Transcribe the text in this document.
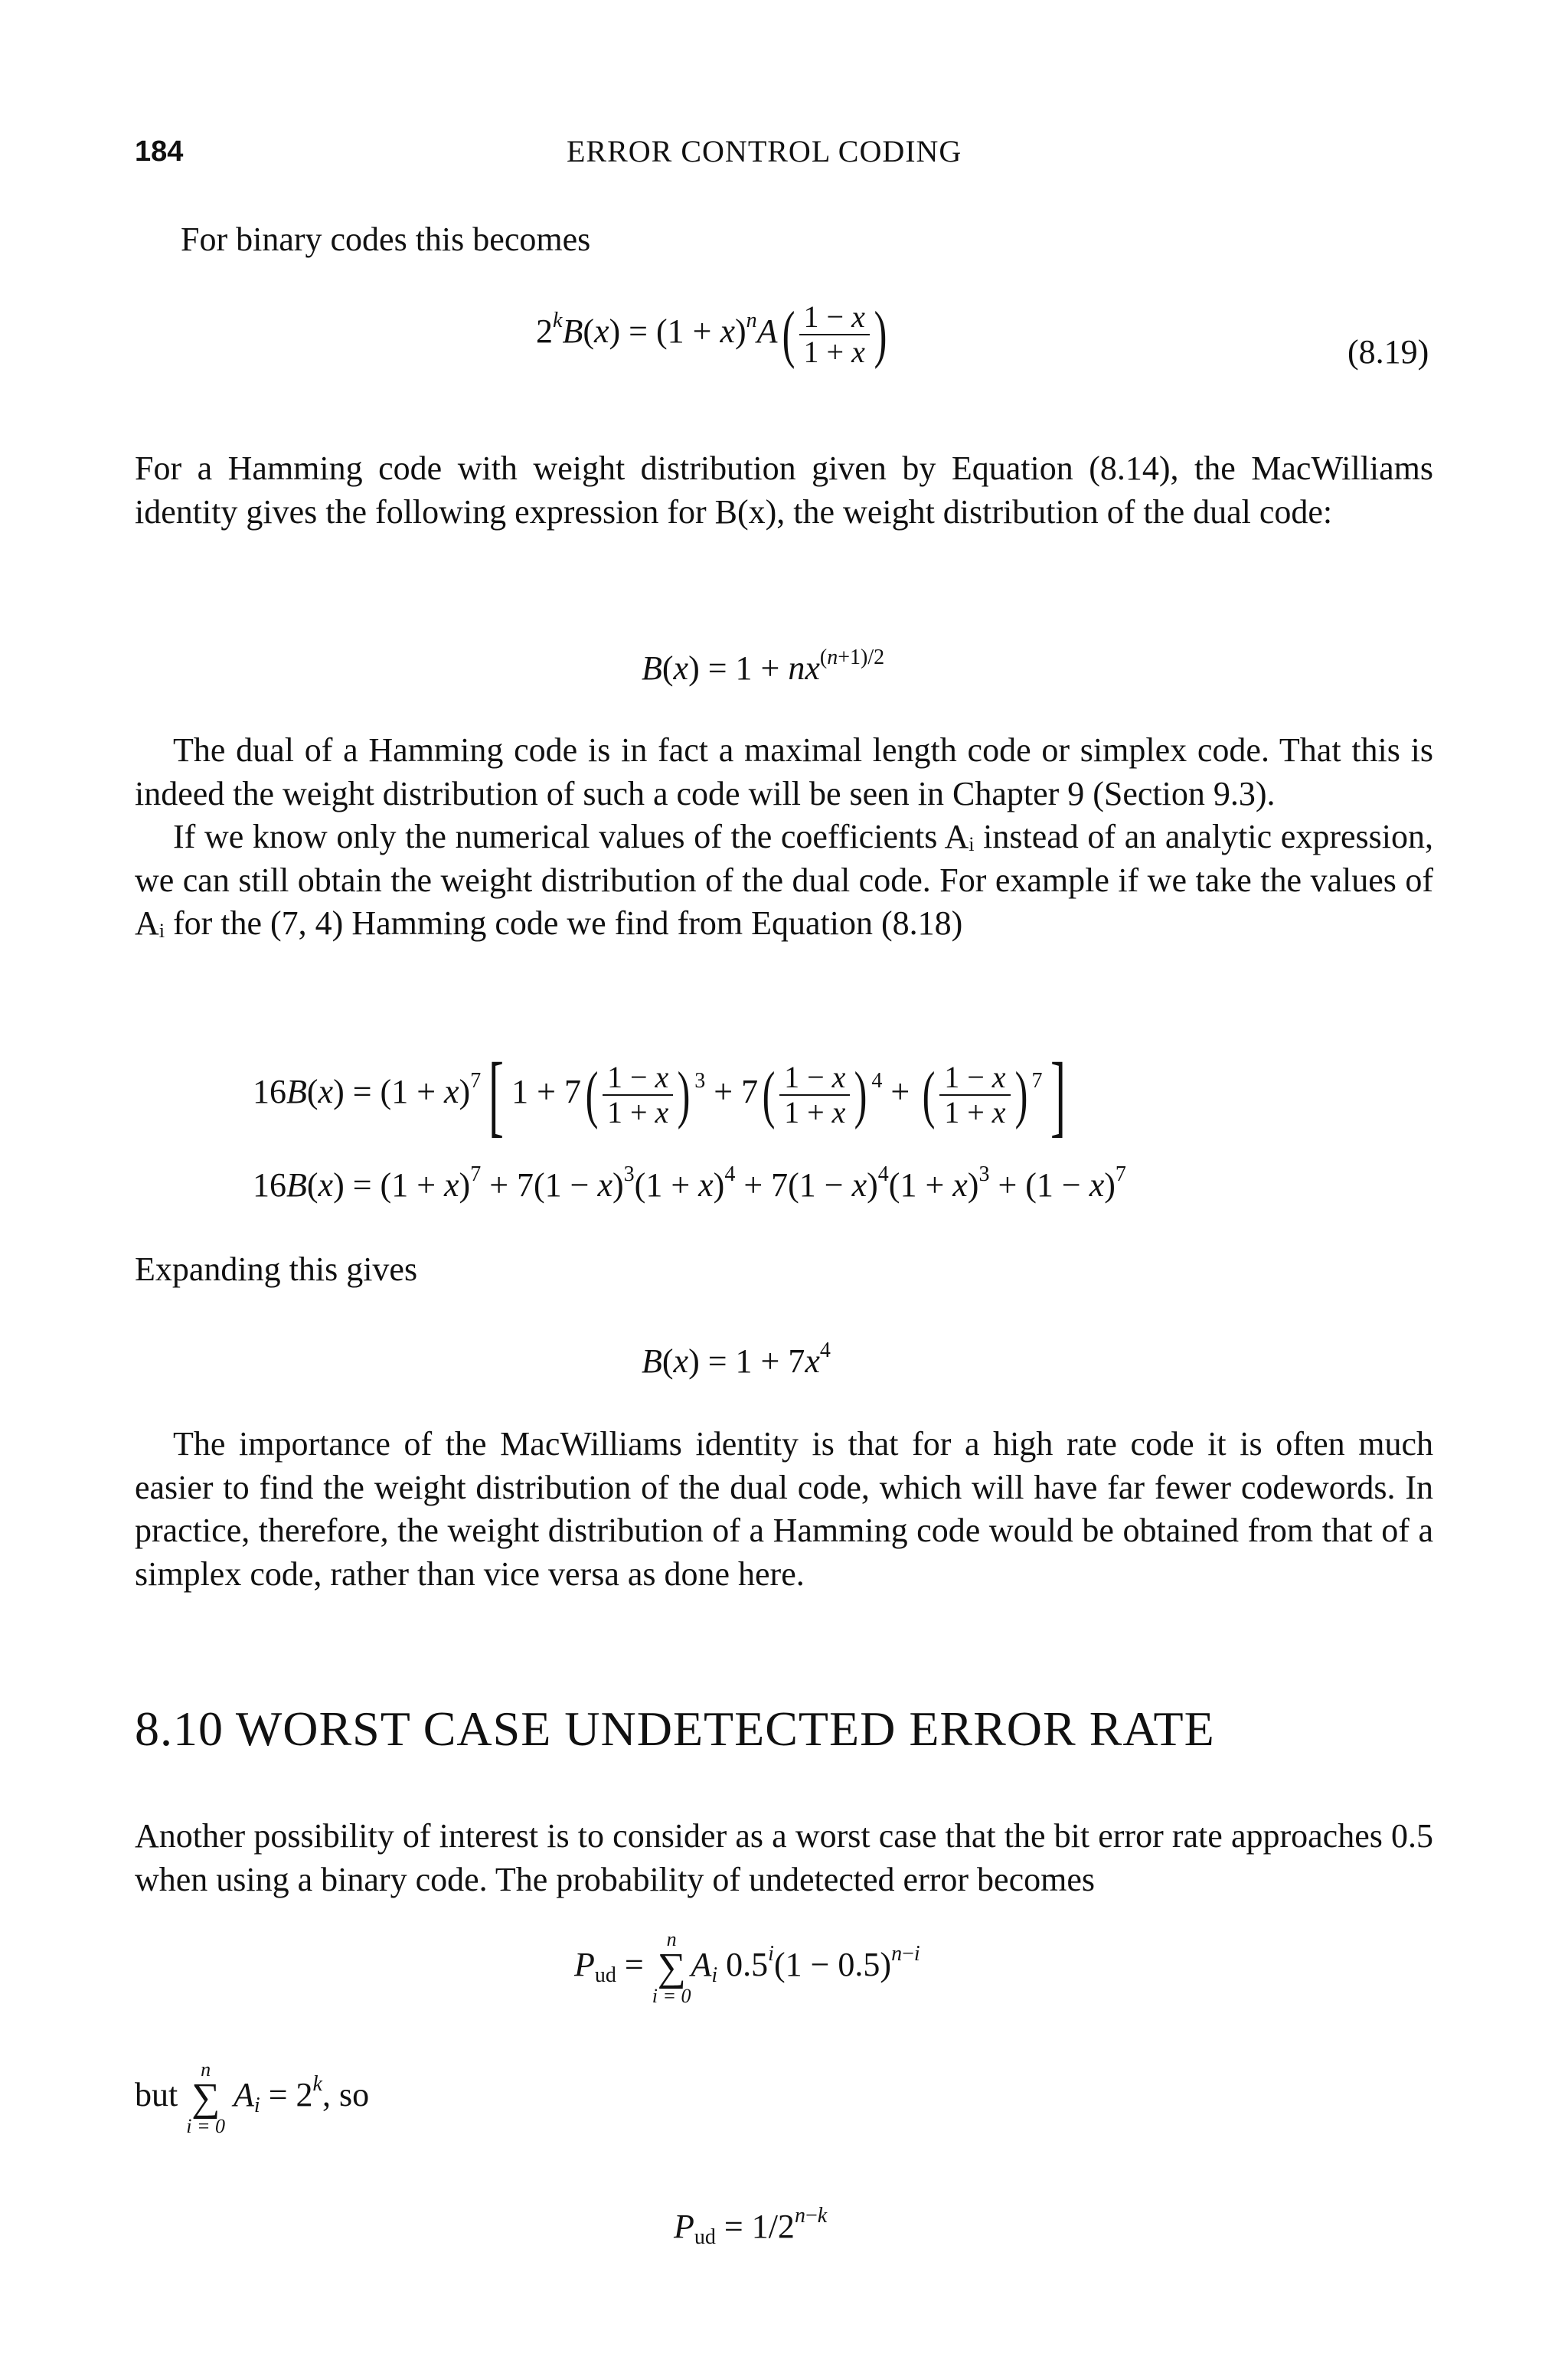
184	ERROR CONTROL CODING
For binary codes this becomes
$2^kB(x) = (1 + x)^nA( \frac{1 - x}{1 + x}$ )	(8.19)

For a Hamming code with weight distribution given by Equation (8.14), the MacWilliams identity gives the following expression for B(x), the weight distribution of the dual code:

$B(x) = 1 + nx^{(n+1)/2}$

The dual of a Hamming code is in fact a maximal length code or simplex code. That this is indeed the weight distribution of such a code will be seen in Chapter 9 (Section 9.3).

If we know only the numerical values of the coefficients Aᵢ instead of an analytic expression, we can still obtain the weight distribution of the dual code. For example if we take the values of Aᵢ for the (7, 4) Hamming code we find from Equation (8.18)

$16B(x) = (1 + x)^7$[ $1 + 7( \frac{1 - x}{1 + x}$ ) $^3 + 7( \frac{1 - x}{1 + x}$ ) $^4$ + ( $\frac{1 - x}{1 + x}$ ) $^7$]
$16B(x) = (1 + x)^7 + 7(1 - x)^3(1 + x)^4 + 7(1 - x)^4(1 + x)^3 + (1 - x)^7$
Expanding this gives
$B(x) = 1 + 7x^4$

The importance of the MacWilliams identity is that for a high rate code it is often much easier to find the weight distribution of the dual code, which will have far fewer codewords. In practice, therefore, the weight distribution of a Hamming code would be obtained from that of a simplex code, rather than vice versa as done here.

8.10 WORST CASE UNDETECTED ERROR RATE

Another possibility of interest is to consider as a worst case that the bit error rate approaches 0.5 when using a binary code. The probability of undetected error becomes

$P_{ud}$ =
n
∑
i = 0
$A_i$ $0.5^i(1 - 0.5)^{n-i}$
but
n
∑
i = 0
$A_i = 2^k$, so
$P_{ud} = 1/2^{n-k}$
